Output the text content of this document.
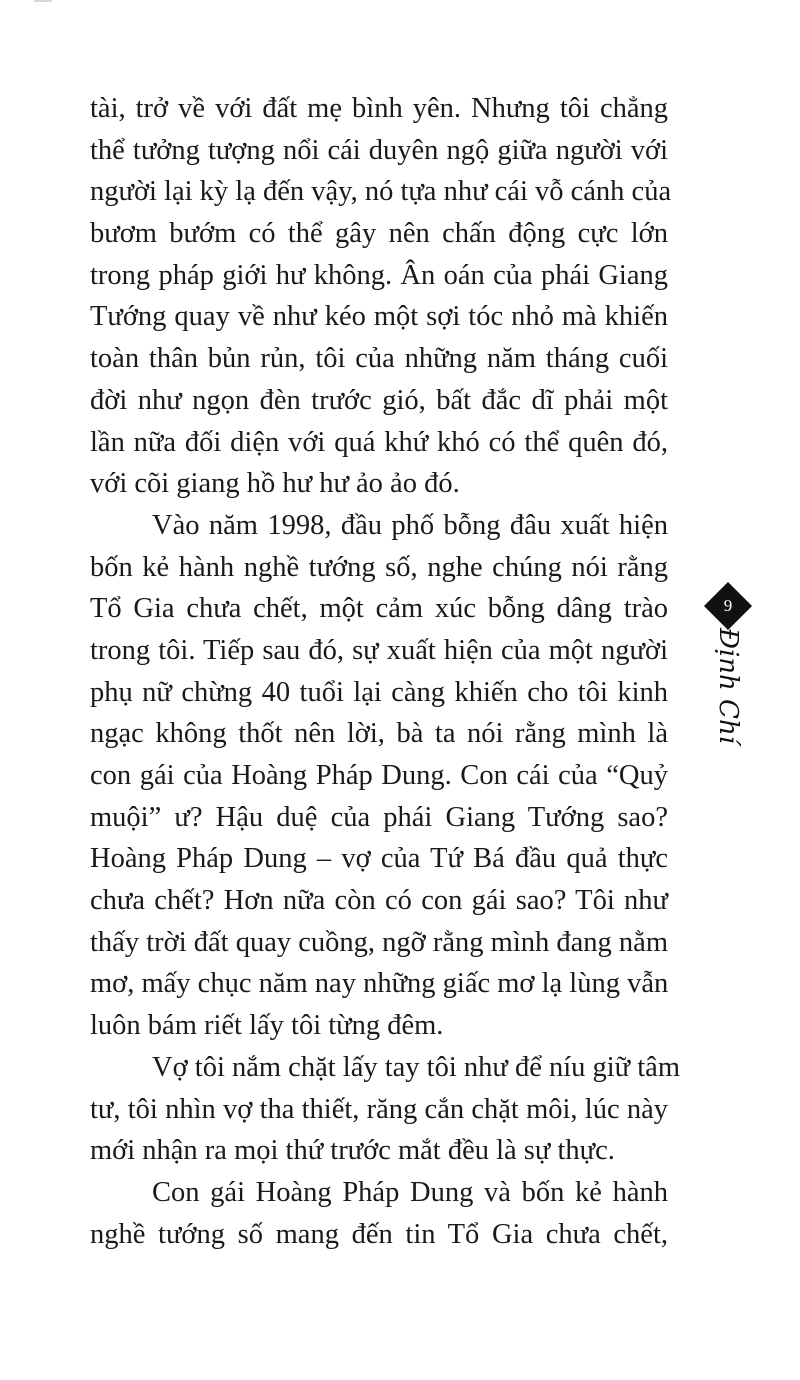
tài, trở về với đất mẹ bình yên. Nhưng tôi chẳng
thể tưởng tượng nổi cái duyên ngộ giữa người với
người lại kỳ lạ đến vậy, nó tựa như cái vỗ cánh của
bươm bướm có thể gây nên chấn động cực lớn
trong pháp giới hư không. Ân oán của phái Giang
Tướng quay về như kéo một sợi tóc nhỏ mà khiến
toàn thân bủn rủn, tôi của những năm tháng cuối
đời như ngọn đèn trước gió, bất đắc dĩ phải một
lần nữa đối diện với quá khứ khó có thể quên đó,
với cõi giang hồ hư hư ảo ảo đó.
Vào năm 1998, đầu phố bỗng đâu xuất hiện
bốn kẻ hành nghề tướng số, nghe chúng nói rằng
Tổ Gia chưa chết, một cảm xúc bỗng dâng trào
trong tôi. Tiếp sau đó, sự xuất hiện của một người
phụ nữ chừng 40 tuổi lại càng khiến cho tôi kinh
ngạc không thốt nên lời, bà ta nói rằng mình là
con gái của Hoàng Pháp Dung. Con cái của “Quỷ
muội” ư? Hậu duệ của phái Giang Tướng sao?
Hoàng Pháp Dung – vợ của Tứ Bá đầu quả thực
chưa chết? Hơn nữa còn có con gái sao? Tôi như
thấy trời đất quay cuồng, ngỡ rằng mình đang nằm
mơ, mấy chục năm nay những giấc mơ lạ lùng vẫn
luôn bám riết lấy tôi từng đêm.
Vợ tôi nắm chặt lấy tay tôi như để níu giữ tâm
tư, tôi nhìn vợ tha thiết, răng cắn chặt môi, lúc này
mới nhận ra mọi thứ trước mắt đều là sự thực.
Con gái Hoàng Pháp Dung và bốn kẻ hành
nghề tướng số mang đến tin Tổ Gia chưa chết,
9
Định Chí
